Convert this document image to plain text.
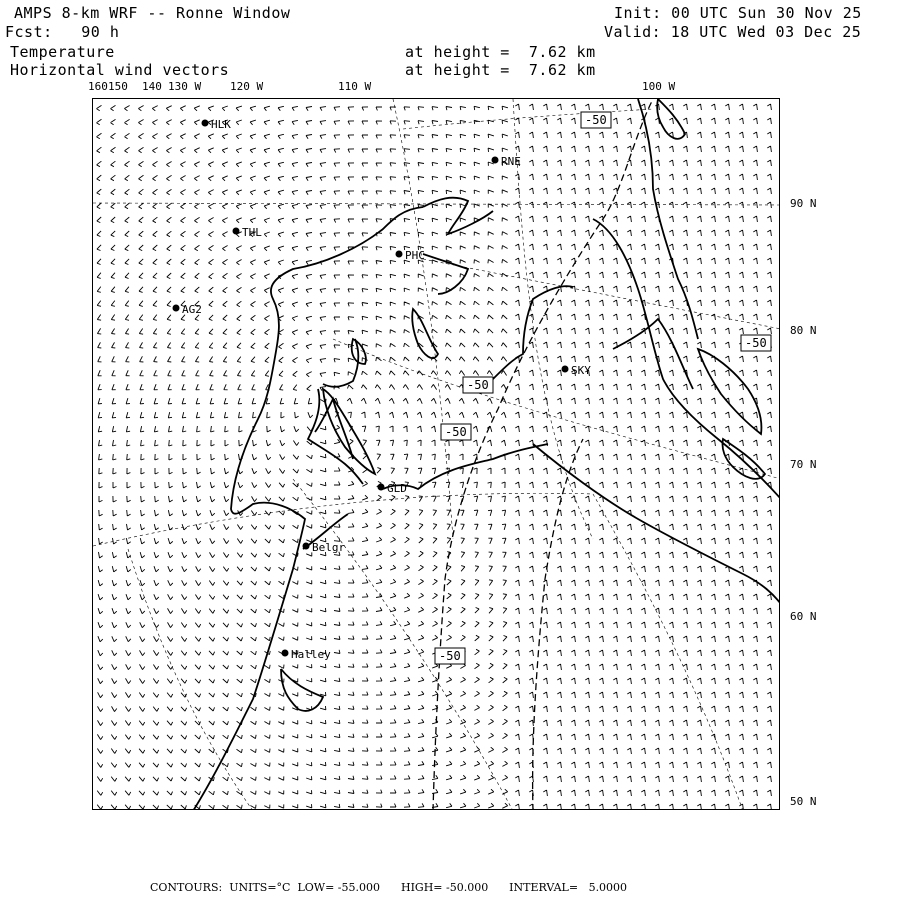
AMPS 8-km WRF -- Ronne Window	Init: 00 UTC Sun 30 Nov 25
Fcst:   90 h	Valid: 18 UTC Wed 03 Dec 25
Temperature	at height =  7.62 km
Horizontal wind vectors	at height =  7.62 km
160 150 140 130 W	120 W	110 W	100 W
90 N
80 N
70 N
60 N
50 N
HLK
RNE
THL
PHC
AG2
SKY
GLD
Belgr
Halley
-50
-50
-50
-50
-50
CONTOURS:  UNITS=°C  LOW= -55.000      HIGH= -50.000      INTERVAL=   5.0000
